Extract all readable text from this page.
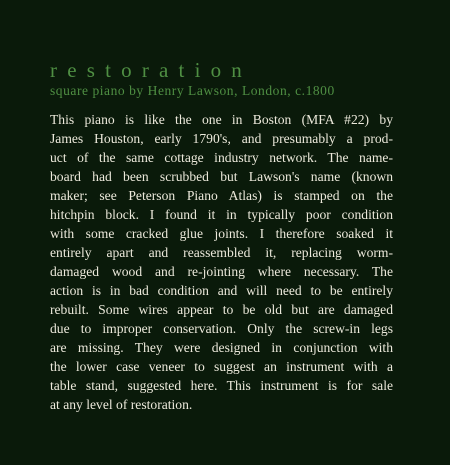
restoration
square piano by Henry Lawson, London, c.1800
This piano is like the one in Boston (MFA #22) by
James Houston, early 1790's, and presumably a prod-
uct of the same cottage industry network. The name-
board had been scrubbed but Lawson's name (known
maker; see Peterson Piano Atlas) is stamped on the
hitchpin block. I found it in typically poor condition
with some cracked glue joints. I therefore soaked it
entirely apart and reassembled it, replacing worm-
damaged wood and re-jointing where necessary. The
action is in bad condition and will need to be entirely
rebuilt. Some wires appear to be old but are damaged
due to improper conservation. Only the screw-in legs
are missing. They were designed in conjunction with
the lower case veneer to suggest an instrument with a
table stand, suggested here. This instrument is for sale
at any level of restoration.
